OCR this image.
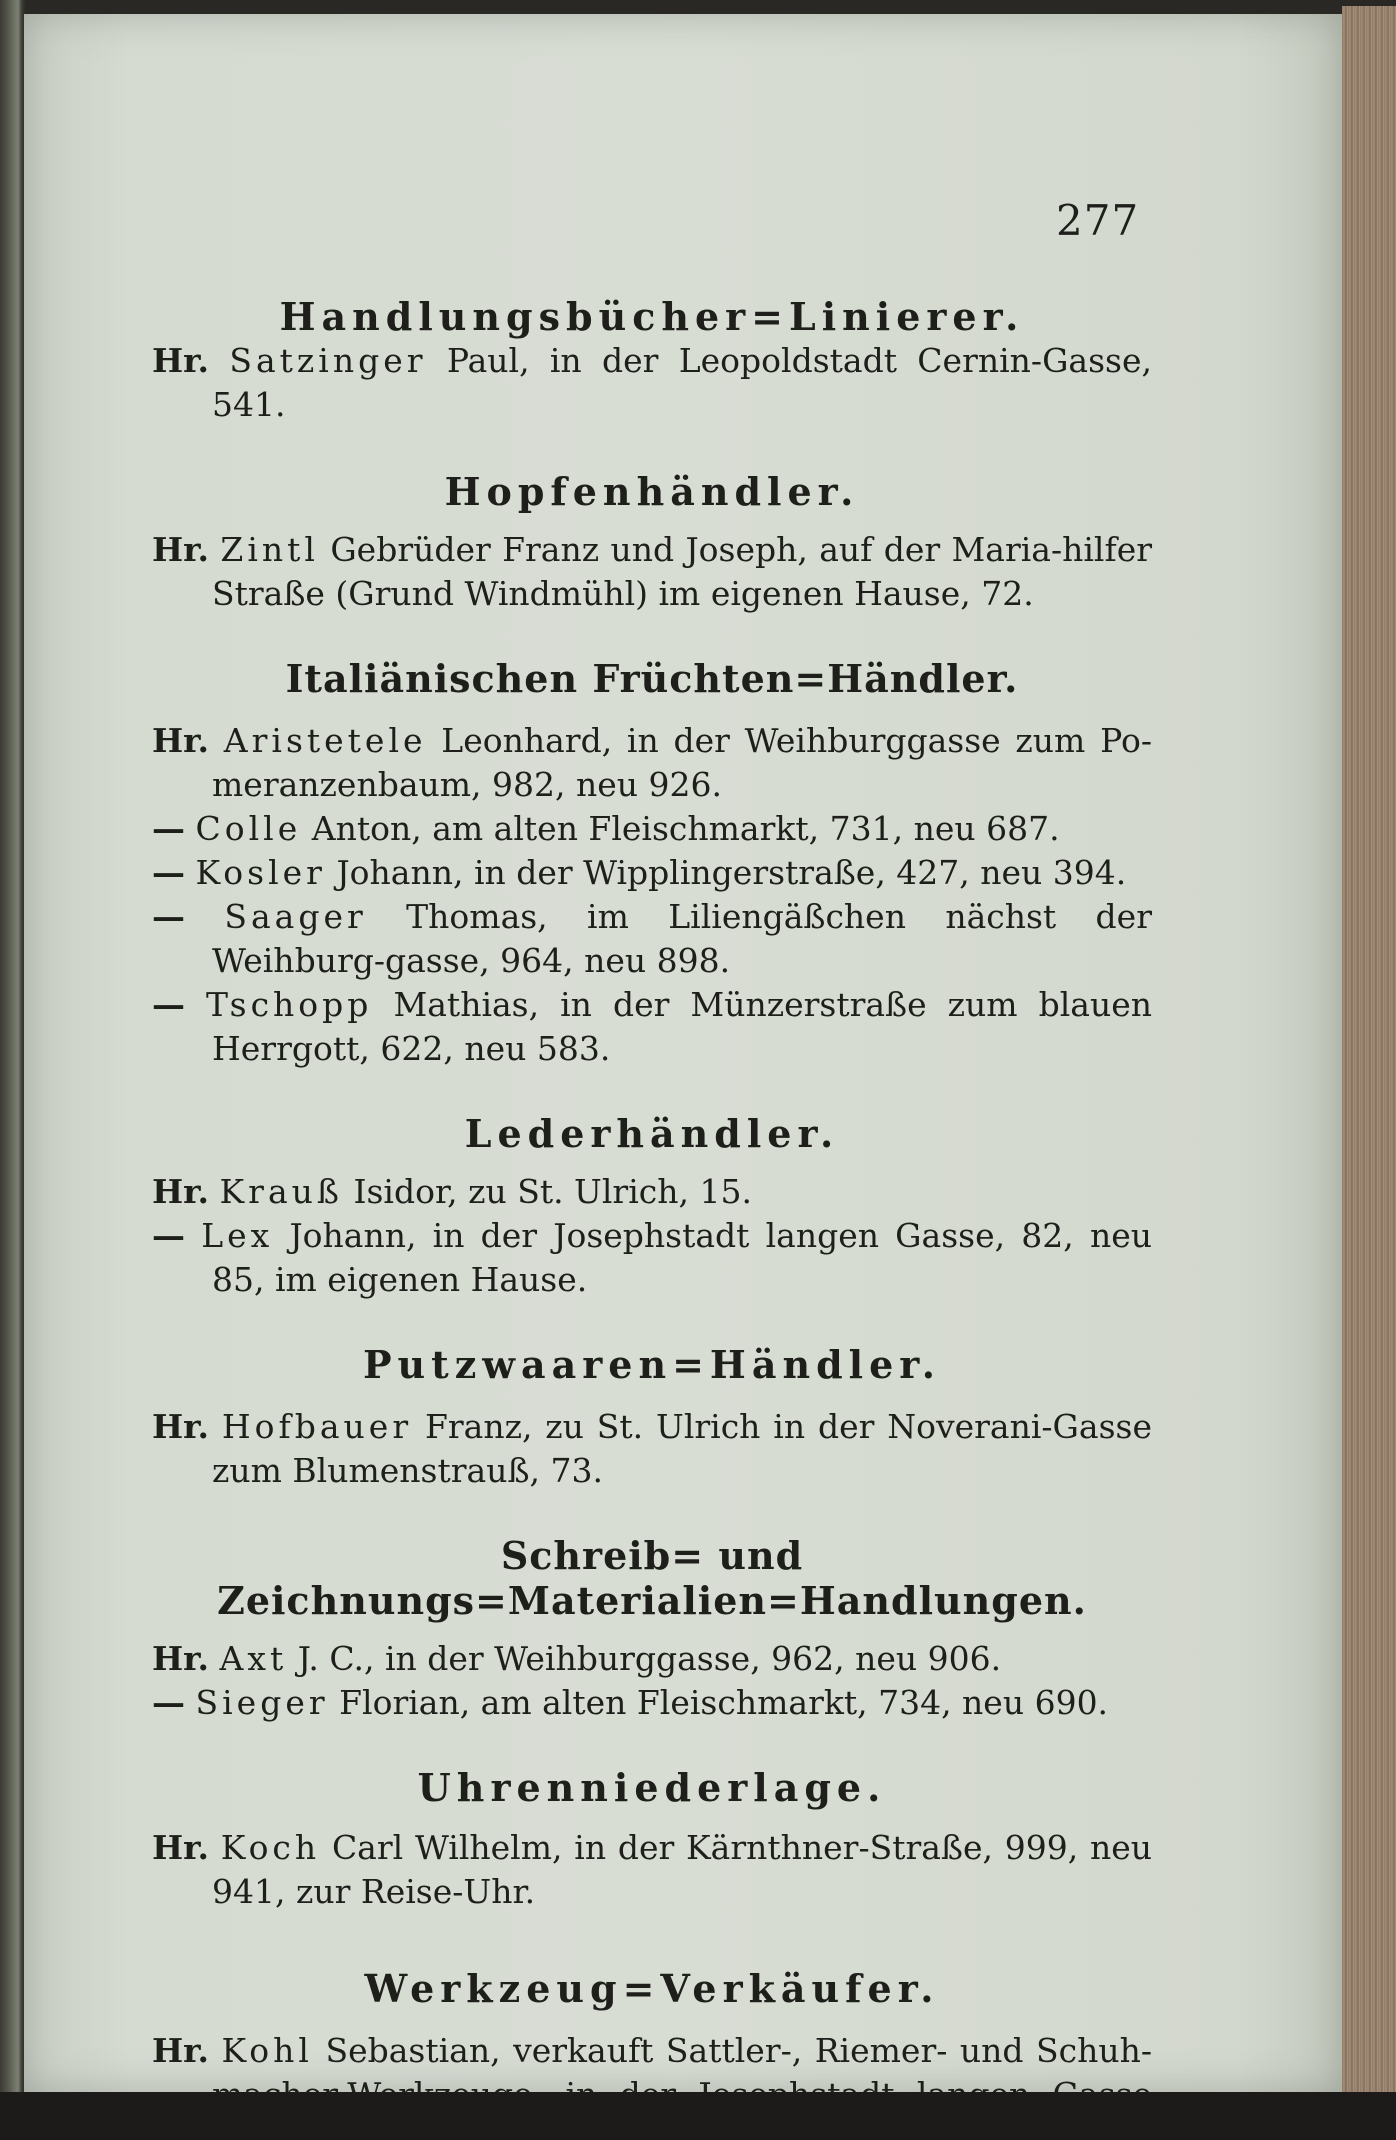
277
Handlungsbücher=Linierer.

Hr. Satzinger Paul, in der Leopoldstadt Cernin-Gasse, 541.

Hopfenhändler.

Hr. Zintl Gebrüder Franz und Joseph, auf der Maria-hilfer Straße (Grund Windmühl) im eigenen Hause, 72.

Italiänischen Früchten=Händler.

Hr. Aristetele Leonhard, in der Weihburggasse zum Po-meranzenbaum, 982, neu 926.

— Colle Anton, am alten Fleischmarkt, 731, neu 687.

— Kosler Johann, in der Wipplingerstraße, 427, neu 394.

— Saager Thomas, im Liliengäßchen nächst der Weihburg-gasse, 964, neu 898.

— Tschopp Mathias, in der Münzerstraße zum blauen Herrgott, 622, neu 583.

Lederhändler.

Hr. Krauß Isidor, zu St. Ulrich, 15.

— Lex Johann, in der Josephstadt langen Gasse, 82, neu 85, im eigenen Hause.

Putzwaaren=Händler.

Hr. Hofbauer Franz, zu St. Ulrich in der Noverani-Gasse zum Blumenstrauß, 73.

Schreib= und Zeichnungs=Materialien=Handlungen.

Hr. Axt J. C., in der Weihburggasse, 962, neu 906.

— Sieger Florian, am alten Fleischmarkt, 734, neu 690.

Uhrenniederlage.

Hr. Koch Carl Wilhelm, in der Kärnthner-Straße, 999, neu 941, zur Reise-Uhr.

Werkzeug=Verkäufer.

Hr. Kohl Sebastian, verkauft Sattler-, Riemer- und Schuh-
